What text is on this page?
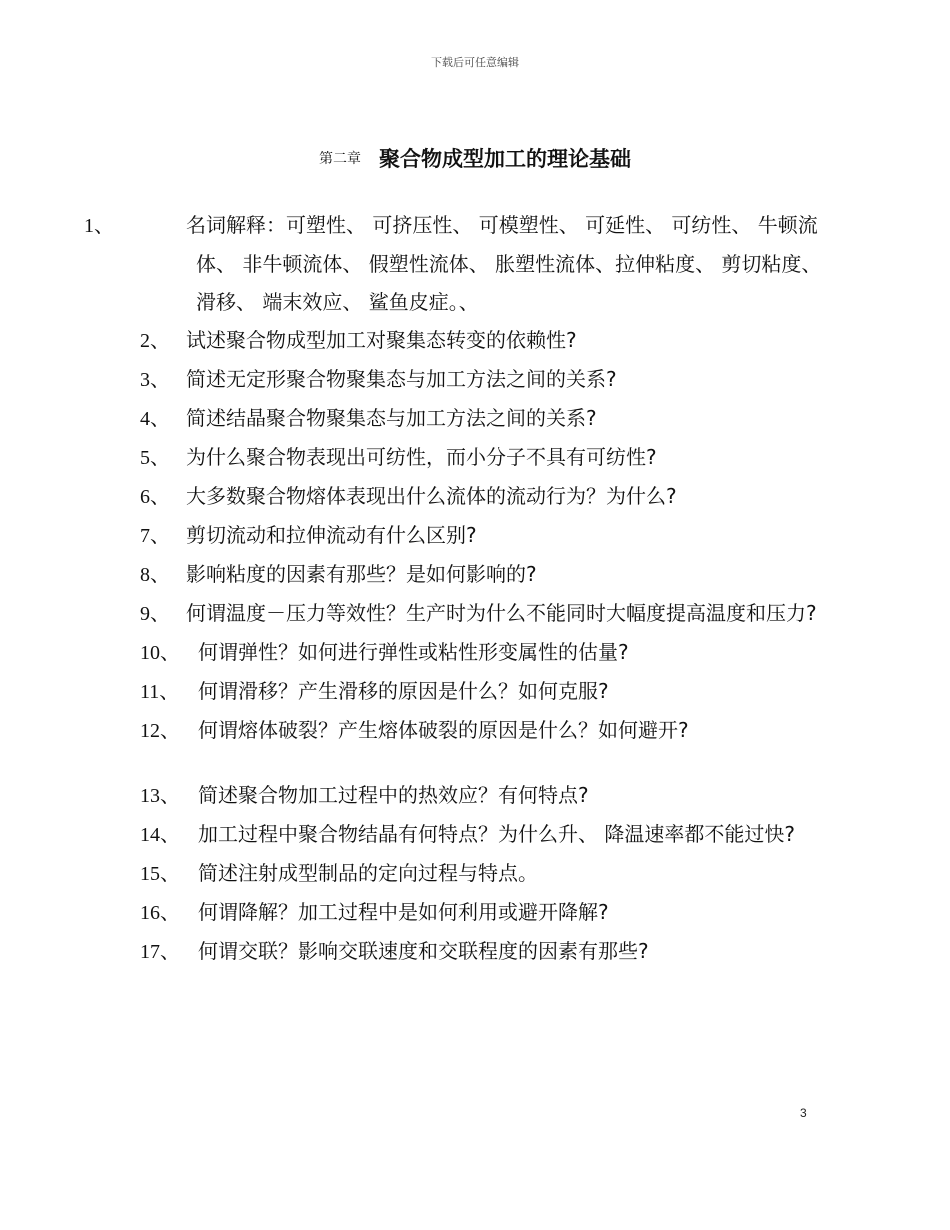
下载后可任意编辑
第二章 聚合物成型加工的理论基础
1、	名词解释：可塑性、 可挤压性、 可模塑性、 可延性、 可纺性、 牛顿流体、 非牛顿流体、 假塑性流体、 胀塑性流体、拉伸粘度、 剪切粘度、 滑移、 端末效应、 鲨鱼皮症。、
2、 试述聚合物成型加工对聚集态转变的依赖性?
3、 简述无定形聚合物聚集态与加工方法之间的关系?
4、 简述结晶聚合物聚集态与加工方法之间的关系?
5、 为什么聚合物表现出可纺性，而小分子不具有可纺性?
6、 大多数聚合物熔体表现出什么流体的流动行为？为什么?
7、 剪切流动和拉伸流动有什么区别?
8、 影响粘度的因素有那些？是如何影响的?
9、 何谓温度－压力等效性？生产时为什么不能同时大幅度提高温度和压力?
10、 何谓弹性？如何进行弹性或粘性形变属性的估量?
11、 何谓滑移？产生滑移的原因是什么？如何克服?
12、 何谓熔体破裂？产生熔体破裂的原因是什么？如何避开?
13、 简述聚合物加工过程中的热效应？有何特点?
14、 加工过程中聚合物结晶有何特点？为什么升、 降温速率都不能过快?
15、 简述注射成型制品的定向过程与特点。
16、 何谓降解？加工过程中是如何利用或避开降解?
17、 何谓交联？影响交联速度和交联程度的因素有那些?
3
